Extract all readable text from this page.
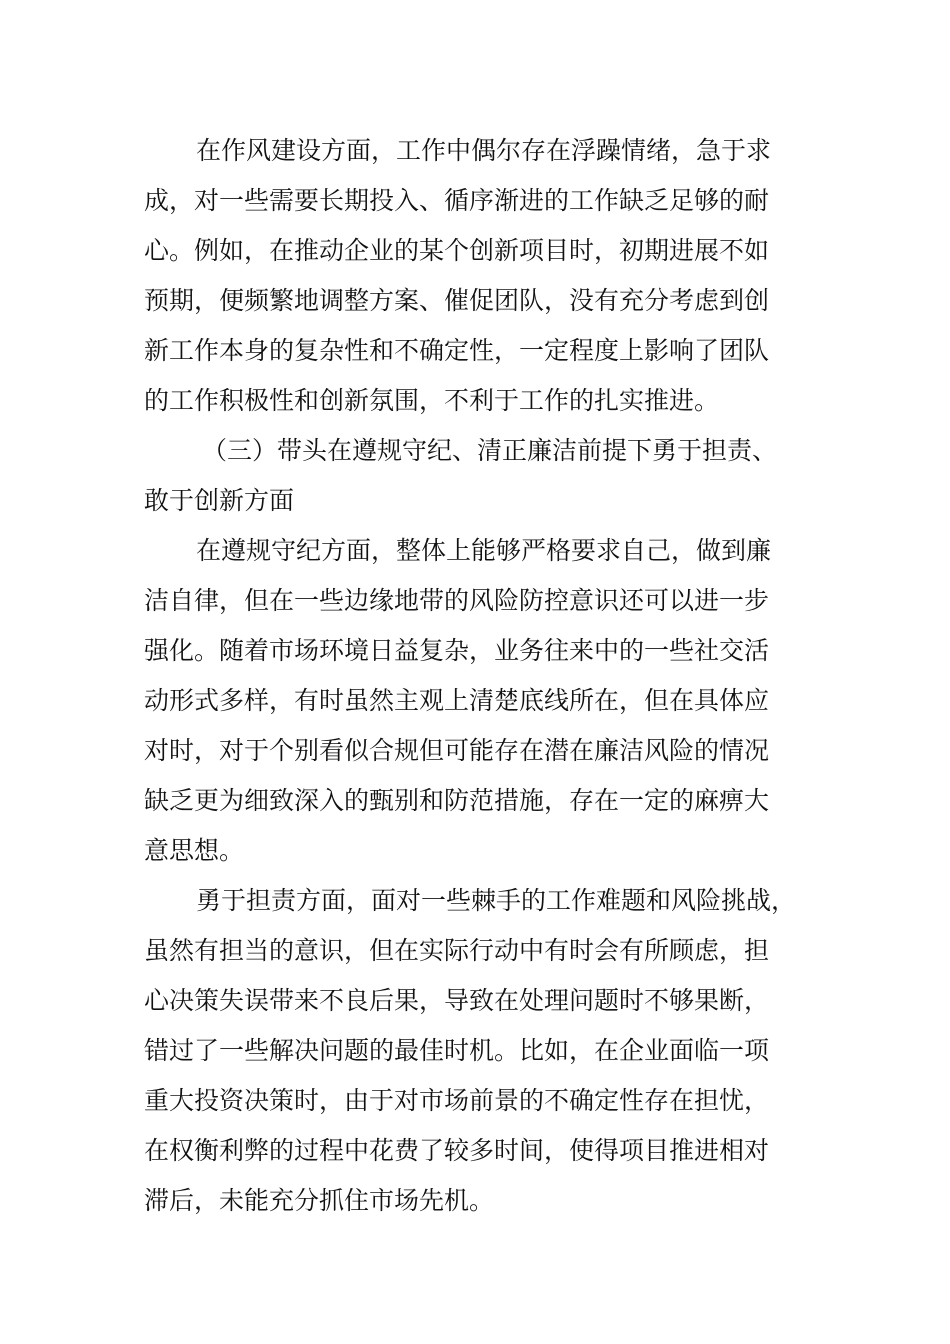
在作风建设方面，工作中偶尔存在浮躁情绪，急于求
成，对一些需要长期投入、循序渐进的工作缺乏足够的耐
心。例如，在推动企业的某个创新项目时，初期进展不如
预期，便频繁地调整方案、催促团队，没有充分考虑到创
新工作本身的复杂性和不确定性，一定程度上影响了团队
的工作积极性和创新氛围，不利于工作的扎实推进。
（三）带头在遵规守纪、清正廉洁前提下勇于担责、
敢于创新方面
在遵规守纪方面，整体上能够严格要求自己，做到廉
洁自律，但在一些边缘地带的风险防控意识还可以进一步
强化。随着市场环境日益复杂，业务往来中的一些社交活
动形式多样，有时虽然主观上清楚底线所在，但在具体应
对时，对于个别看似合规但可能存在潜在廉洁风险的情况
缺乏更为细致深入的甄别和防范措施，存在一定的麻痹大
意思想。
勇于担责方面，面对一些棘手的工作难题和风险挑战，
虽然有担当的意识，但在实际行动中有时会有所顾虑，担
心决策失误带来不良后果，导致在处理问题时不够果断，
错过了一些解决问题的最佳时机。比如，在企业面临一项
重大投资决策时，由于对市场前景的不确定性存在担忧，
在权衡利弊的过程中花费了较多时间，使得项目推进相对
滞后，未能充分抓住市场先机。
